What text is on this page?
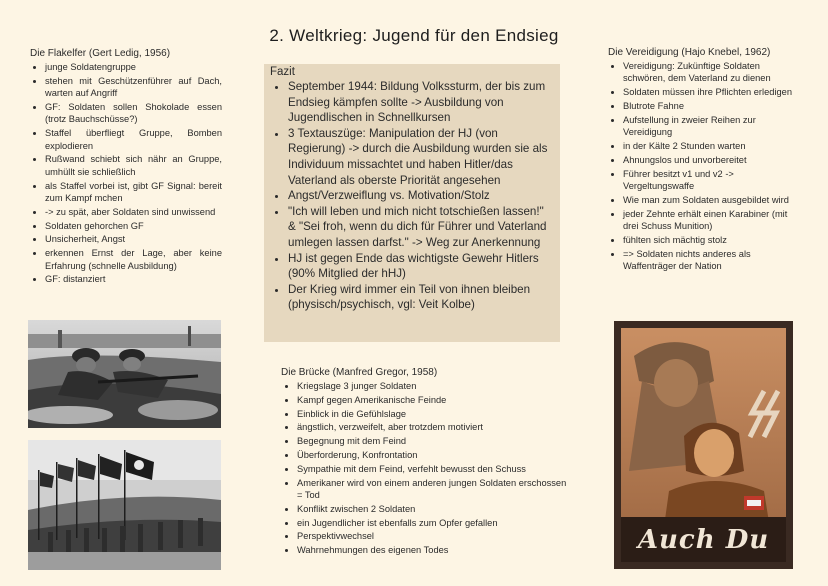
2. Weltkrieg: Jugend für den Endsieg
Die Flakelfer (Gert Ledig, 1956)
• junge Soldatengruppe
• stehen mit Geschützenführer auf Dach, warten auf Angriff
• GF: Soldaten sollen Shokolade essen (trotz Bauchschüsse?)
• Staffel überfliegt Gruppe, Bomben explodieren
• Rußwand schiebt sich nähr an Gruppe, umhüllt sie schließlich
• als Staffel vorbei ist, gibt GF Signal: bereit zum Kampf mchen
• -> zu spät, aber Soldaten sind unwissend
• Soldaten gehorchen GF
• Unsicherheit, Angst
• erkennen Ernst der Lage, aber keine Erfahrung (schnelle Ausbildung)
• GF: distanziert
Fazit
• September 1944: Bildung Volkssturm, der bis zum Endsieg kämpfen sollte -> Ausbildung von Jugendlischen in Schnellkursen
• 3 Textauszüge: Manipulation der HJ (von Regierung) -> durch die Ausbildung wurden sie als Individuum missachtet und haben Hitler/das Vaterland als oberste Priorität angesehen
• Angst/Verzweiflung vs. Motivation/Stolz
• "Ich will leben und mich nicht totschießen lassen!" & "Sei froh, wenn du dich für Führer und Vaterland umlegen lassen darfst." -> Weg zur Anerkennung
• HJ ist gegen Ende das wichtigste Gewehr Hitlers (90% Mitglied der hHJ)
• Der Krieg wird immer ein Teil von ihnen bleiben (physisch/psychisch, vgl: Veit Kolbe)
Die Brücke (Manfred Gregor, 1958)
• Kriegslage 3 junger Soldaten
• Kampf gegen Amerikanische Feinde
• Einblick in die Gefühlslage
• ängstlich, verzweifelt, aber trotzdem motiviert
• Begegnung mit dem Feind
• Überforderung, Konfrontation
• Sympathie mit dem Feind, verfehlt bewusst den Schuss
• Amerikaner wird von einem anderen jungen Soldaten erschossen = Tod
• Konflikt zwischen 2 Soldaten
• ein Jugendlicher ist ebenfalls zum Opfer gefallen
• Perspektivwechsel
• Wahrnehmungen des eigenen Todes
Die Vereidigung (Hajo Knebel, 1962)
• Vereidigung: Zukünftige Soldaten schwören, dem Vaterland zu dienen
• Soldaten müssen ihre Pflichten erledigen
• Blutrote Fahne
• Aufstellung in zweier Reihen zur Vereidigung
• in der Kälte 2 Stunden warten
• Ahnungslos und unvorbereitet
• Führer besitzt v1 und v2 -> Vergeltungswaffe
• Wie man zum Soldaten ausgebildet wird
• jeder Zehnte erhält einen Karabiner (mit drei Schuss Munition)
• fühlten sich mächtig stolz
• => Soldaten nichts anderes als Waffenträger der Nation
Auch Du
